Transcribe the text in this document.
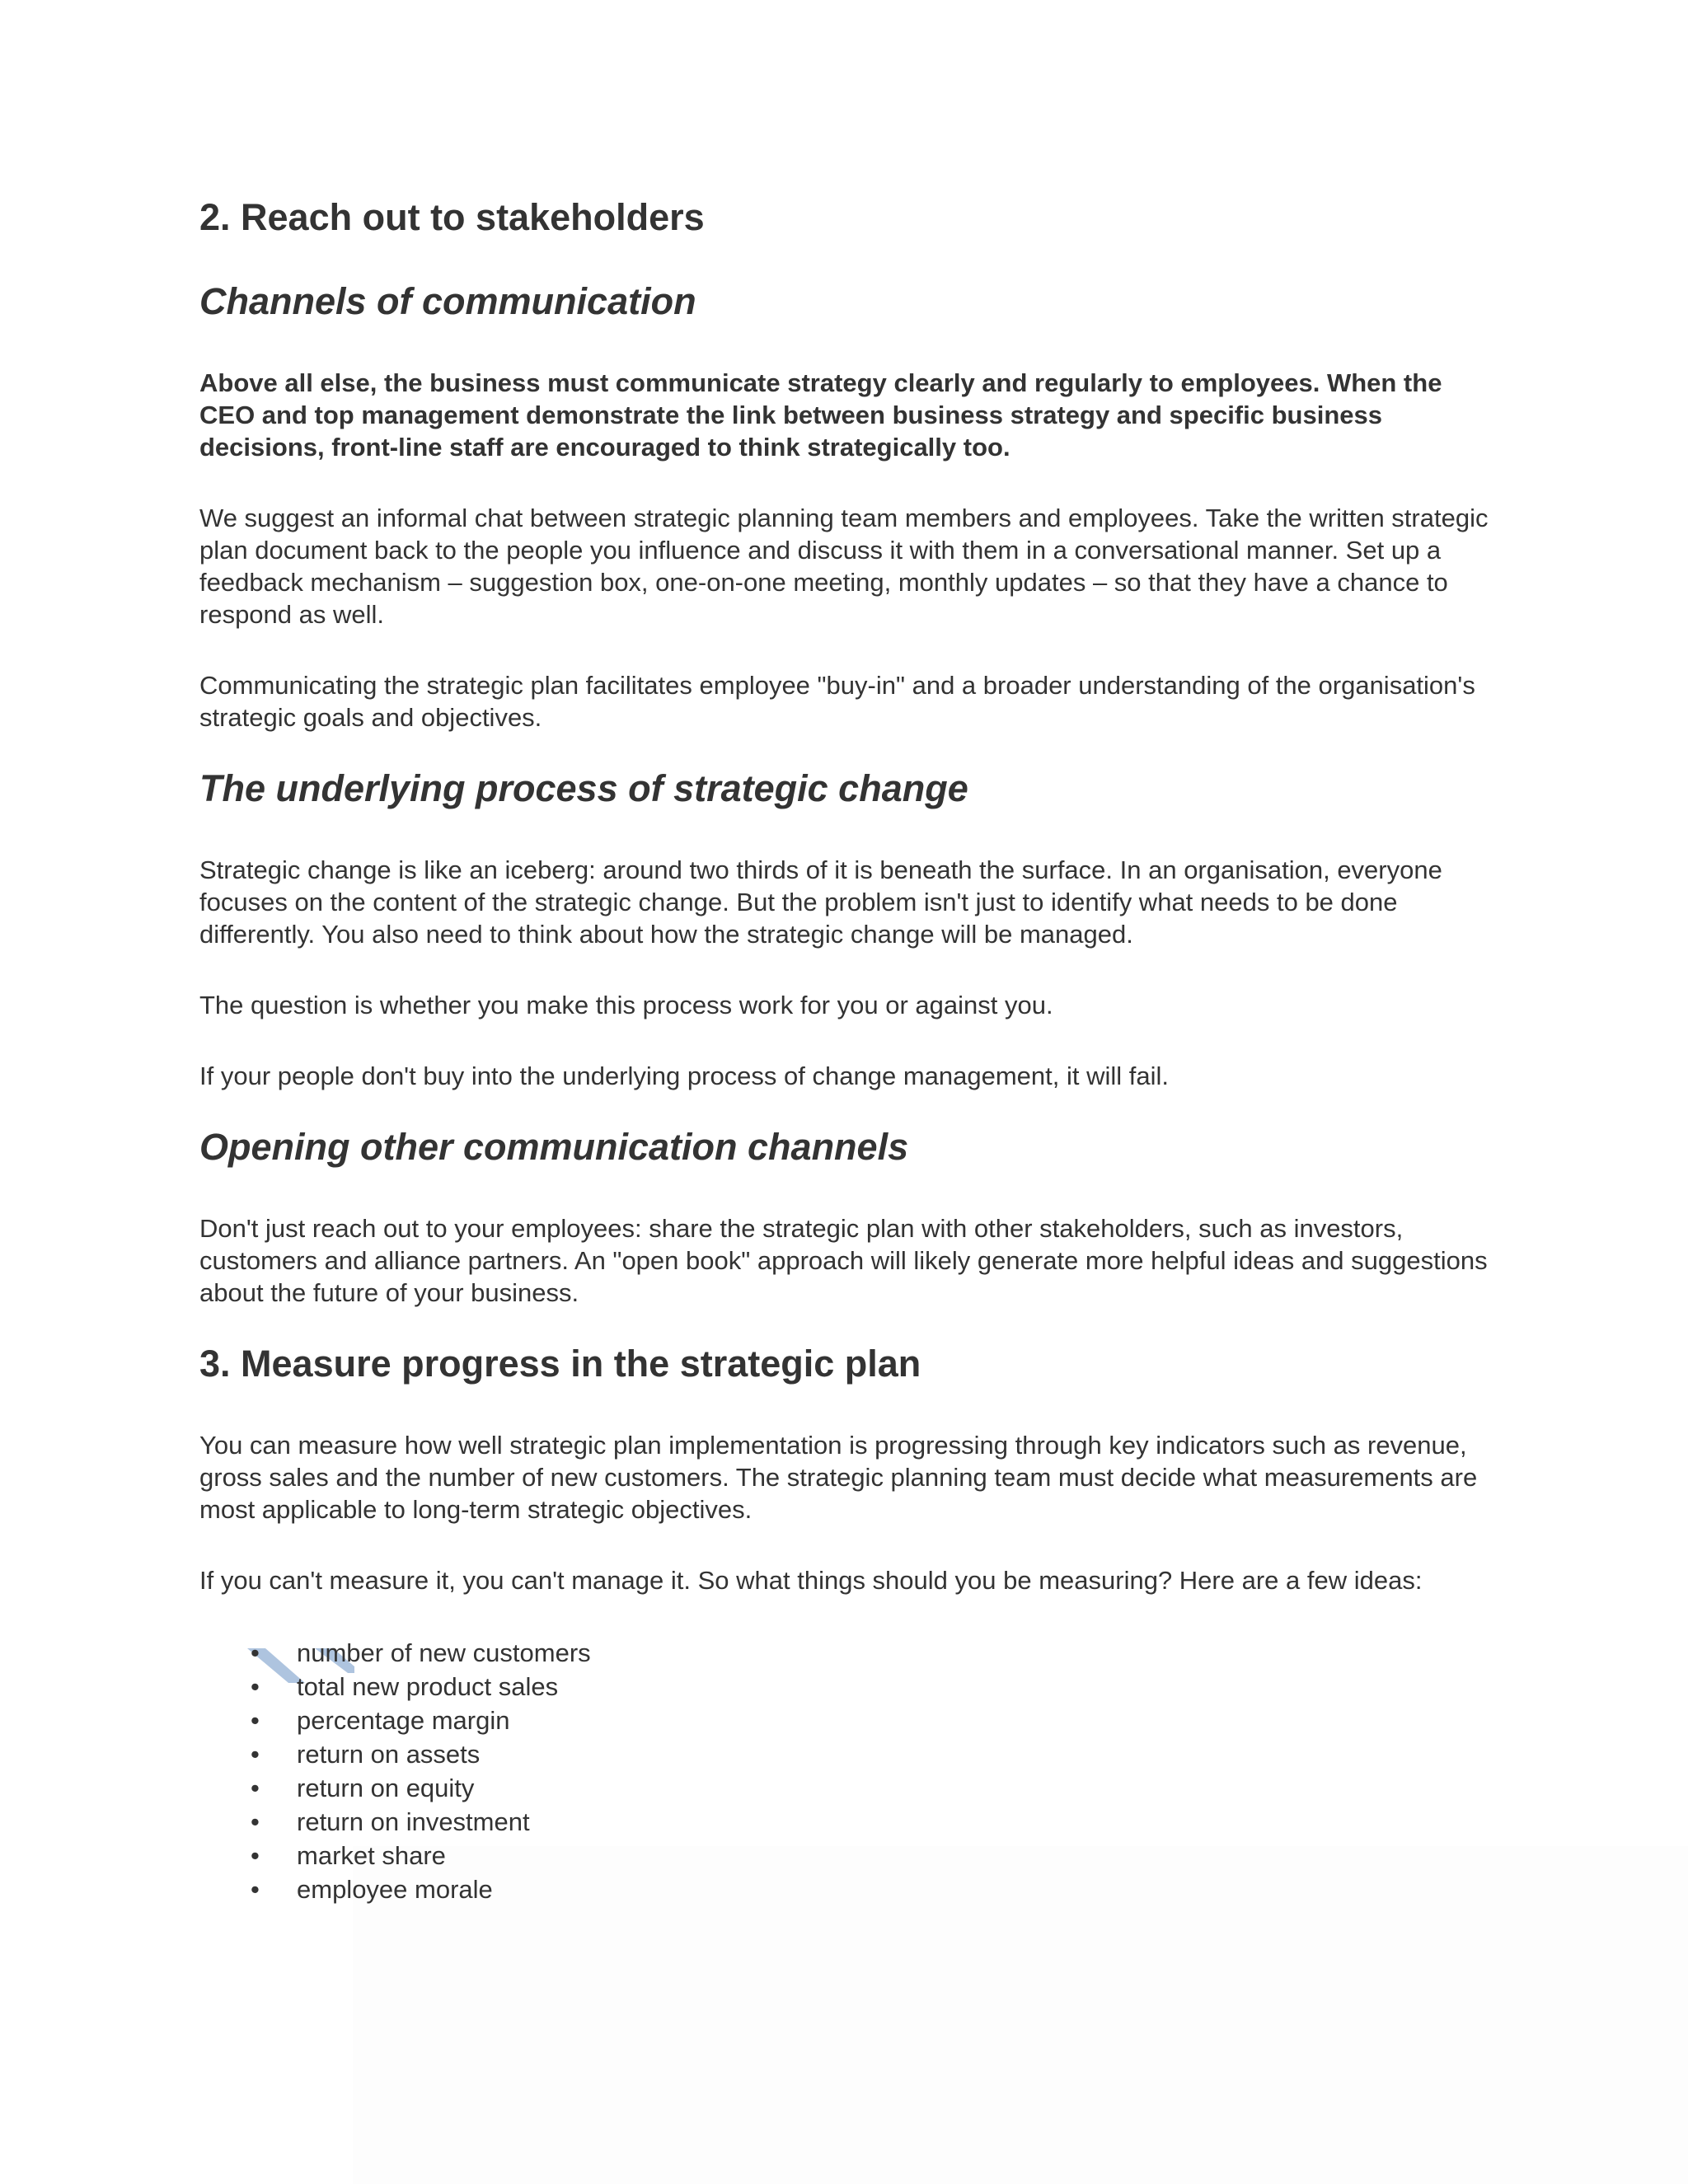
2. Reach out to stakeholders
Channels of communication

Above all else, the business must communicate strategy clearly and regularly to employees. When the CEO and top management demonstrate the link between business strategy and specific business decisions, front-line staff are encouraged to think strategically too.

We suggest an informal chat between strategic planning team members and employees. Take the written strategic plan document back to the people you influence and discuss it with them in a conversational manner. Set up a feedback mechanism – suggestion box, one-on-one meeting, monthly updates – so that they have a chance to respond as well.

Communicating the strategic plan facilitates employee "buy-in" and a broader understanding of the organisation's strategic goals and objectives.

The underlying process of strategic change

Strategic change is like an iceberg: around two thirds of it is beneath the surface. In an organisation, everyone focuses on the content of the strategic change. But the problem isn't just to identify what needs to be done differently. You also need to think about how the strategic change will be managed.

The question is whether you make this process work for you or against you.

If your people don't buy into the underlying process of change management, it will fail.

Opening other communication channels

Don't just reach out to your employees: share the strategic plan with other stakeholders, such as investors, customers and alliance partners. An "open book" approach will likely generate more helpful ideas and suggestions about the future of your business.

3. Measure progress in the strategic plan

You can measure how well strategic plan implementation is progressing through key indicators such as revenue, gross sales and the number of new customers. The strategic planning team must decide what measurements are most applicable to long-term strategic objectives.

If you can't measure it, you can't manage it. So what things should you be measuring? Here are a few ideas:

• number of new customers
• total new product sales
• percentage margin
• return on assets
• return on equity
• return on investment
• market share
• employee morale
